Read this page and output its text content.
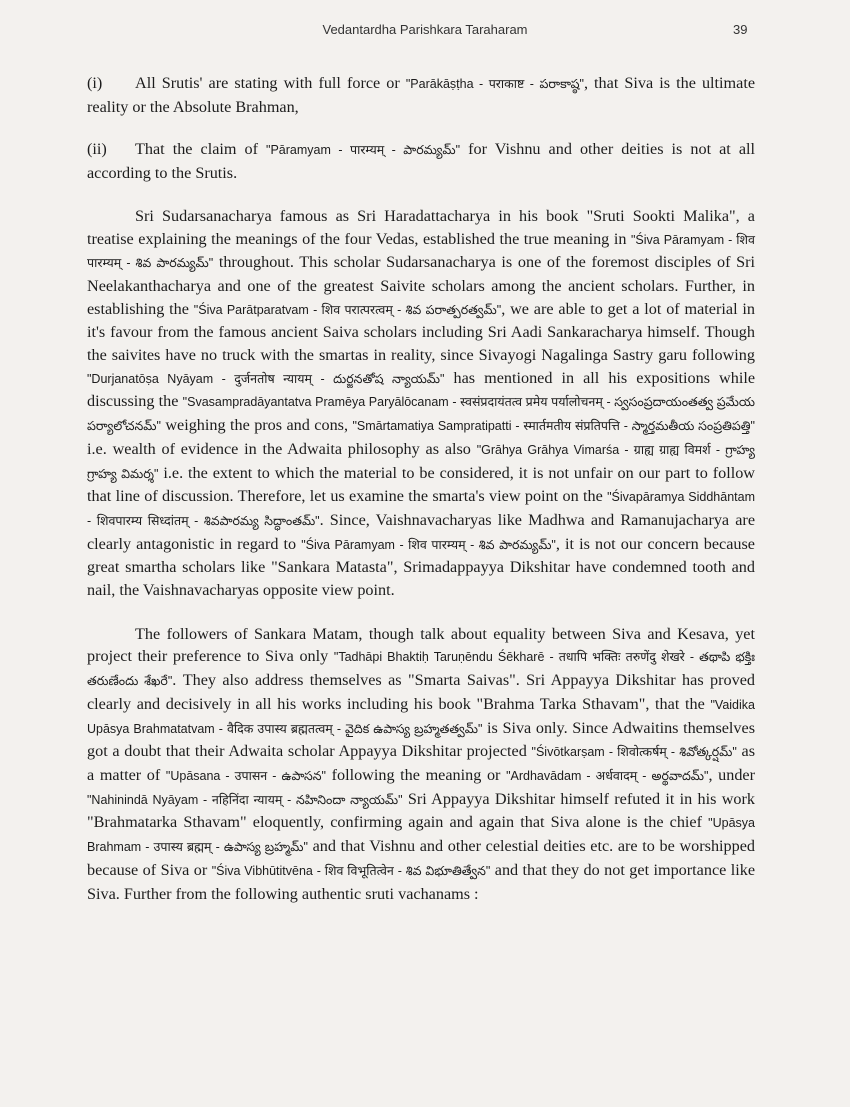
Vedantardha Parishkara Taraharam	39
(i) All Srutis' are stating with full force or "Parākāṣṭha - पराकाष्ट - పరాకాష్ఠ", that Siva is the ultimate reality or the Absolute Brahman,
(ii) That the claim of "Pāramyam - पारम्यम् - పారమ్యమ్" for Vishnu and other deities is not at all according to the Srutis.

Sri Sudarsanacharya famous as Sri Haradattacharya in his book "Sruti Sookti Malika", a treatise explaining the meanings of the four Vedas, established the true meaning in "Śiva Pāramyam - शिव पारम्यम् - శివ పారమ్యమ్" throughout. This scholar Sudarsanacharya is one of the foremost disciples of Sri Neelakanthacharya and one of the greatest Saivite scholars among the ancient scholars. Further, in establishing the "Śiva Parātparatvam - शिव परात्परत्वम् - శివ పరాత్పరత్వమ్", we are able to get a lot of material in it's favour from the famous ancient Saiva scholars including Sri Aadi Sankaracharya himself. Though the saivites have no truck with the smartas in reality, since Sivayogi Nagalinga Sastry garu following "Durjanatōṣa Nyāyam - दुर्जनतोष न्यायम् - దుర్జనతోష న్యాయమ్" has mentioned in all his expositions while discussing the "Svasampradāyantatva Pramēya Paryālōcanam - स्वसंप्रदायंतत्व प्रमेय पर्यालोचनम् - స్వసంప్రదాయంతత్వ ప్రమేయ పర్యాలోచనమ్" weighing the pros and cons, "Smārtamatiya Sampratipatti - स्मार्तमतीय संप्रतिपत्ति - స్మార్తమతీయ సంప్రతిపత్తి" i.e. wealth of evidence in the Adwaita philosophy as also "Grāhya Grāhya Vimarśa - ग्राह्य ग्राह्य विमर्श - గ్రాహ్య గ్రాహ్య విమర్శ" i.e. the extent to which the material to be considered, it is not unfair on our part to follow that line of discussion. Therefore, let us examine the smarta's view point on the "Śivapāramya Siddhāntam - शिवपारम्य सिध्दांतम् - శివపారమ్య సిద్ధాంతమ్". Since, Vaishnavacharyas like Madhwa and Ramanujacharya are clearly antagonistic in regard to "Śiva Pāramyam - शिव पारम्यम् - శివ పారమ్యమ్", it is not our concern because great smartha scholars like "Sankara Matasta", Srimadappayya Dikshitar have condemned tooth and nail, the Vaishnavacharyas opposite view point.

The followers of Sankara Matam, though talk about equality between Siva and Kesava, yet project their preference to Siva only "Tadhāpi Bhaktiḥ Taruṇēndu Śēkharē - तधापि भक्तिः तरुणेंदु शेखरे - తథాపి భక్తిః తరుణేందు శేఖరే". They also address themselves as "Smarta Saivas". Sri Appayya Dikshitar has proved clearly and decisively in all his works including his book "Brahma Tarka Sthavam", that the "Vaidika Upāsya Brahmatatvam - वैदिक उपास्य ब्रह्मतत्वम् - వైదిక ఉపాస్య బ్రహ్మతత్వమ్" is Siva only. Since Adwaitins themselves got a doubt that their Adwaita scholar Appayya Dikshitar projected "Śivōtkarṣam - शिवोत्कर्षम् - శివోత్కర్షమ్" as a matter of "Upāsana - उपासन - ఉపాసన" following the meaning or "Ardhavādam - अर्धवादम् - అర్థవాదమ్", under "Nahinindā Nyāyam - नहिनिंदा न्यायम् - నహినిందా న్యాయమ్" Sri Appayya Dikshitar himself refuted it in his work "Brahmatarka Sthavam" eloquently, confirming again and again that Siva alone is the chief "Upāsya Brahmam - उपास्य ब्रह्मम् - ఉపాస్య బ్రహ్మమ్" and that Vishnu and other celestial deities etc. are to be worshipped because of Siva or "Śiva Vibhūtitvēna - शिव विभूतित्वेन - శివ విభూతిత్వేన" and that they do not get importance like Siva. Further from the following authentic sruti vachanams :
